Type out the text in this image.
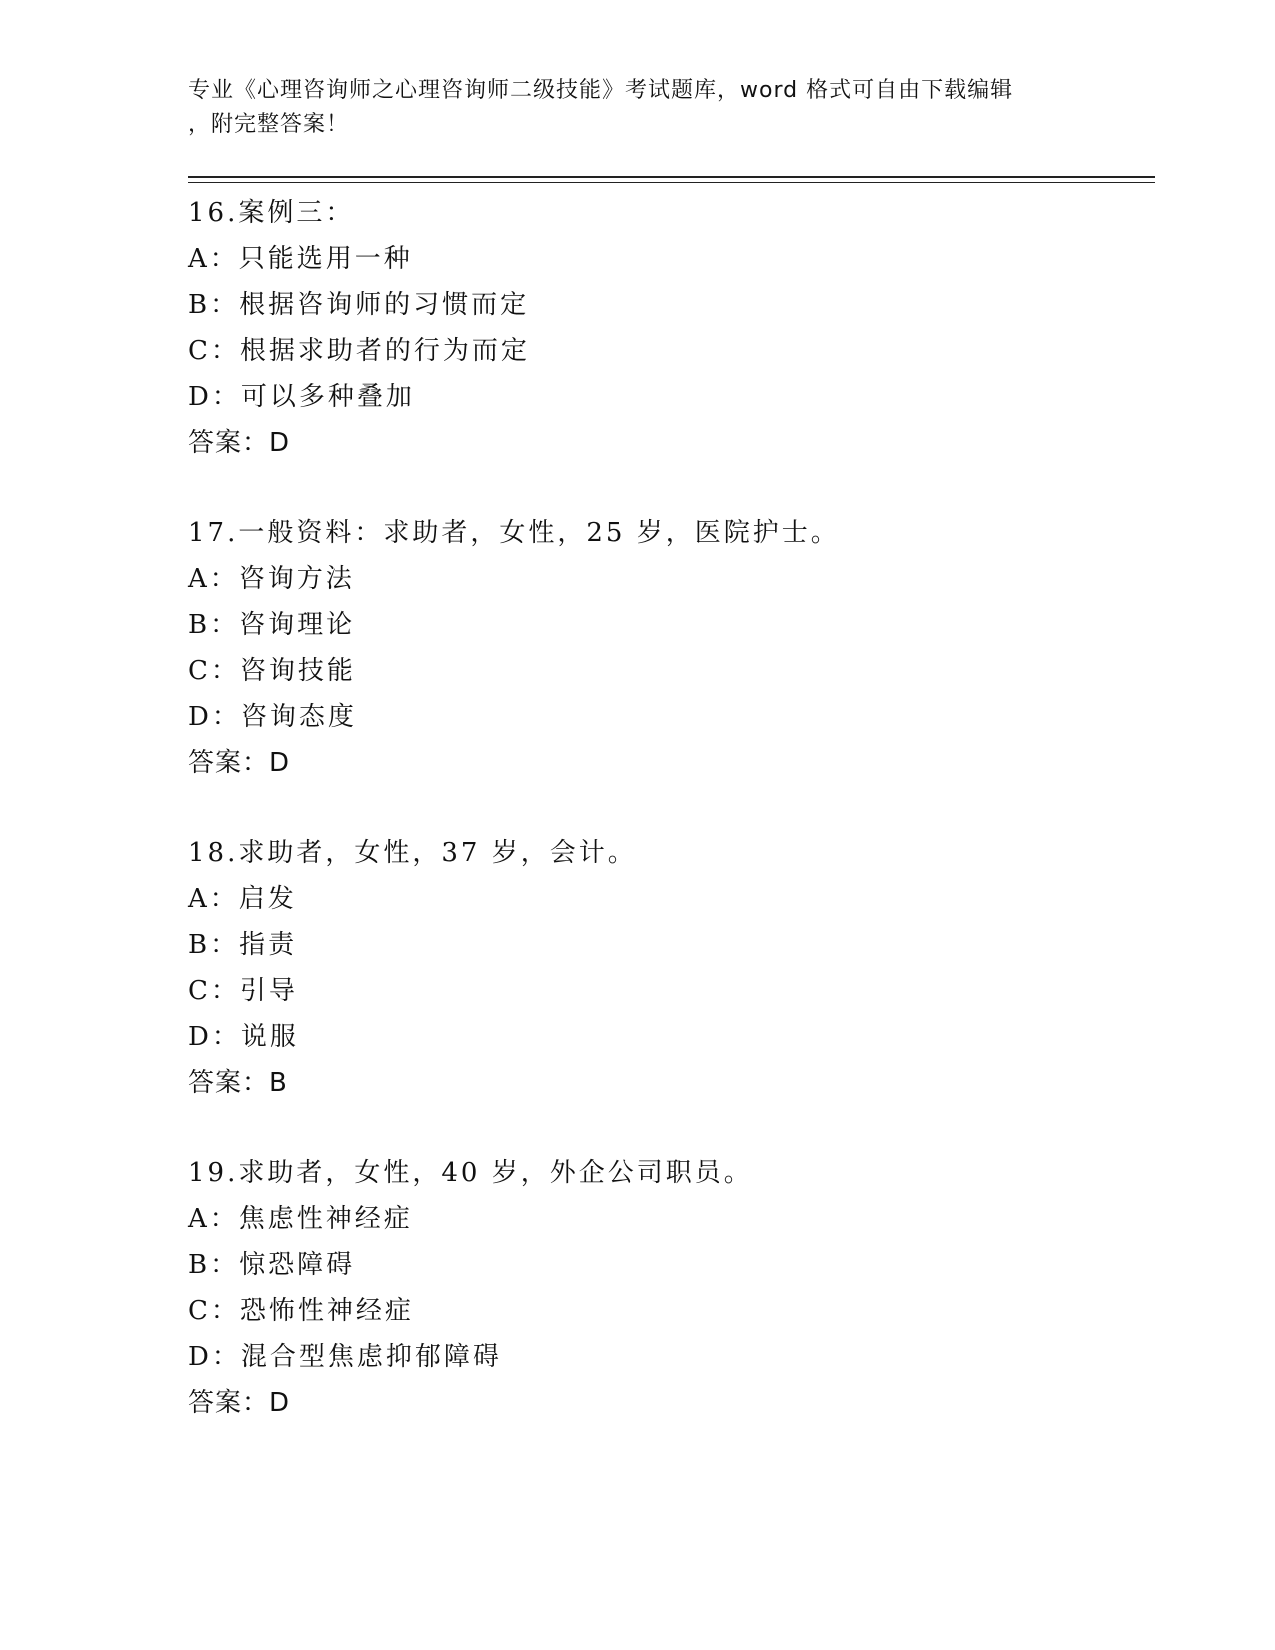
专业《心理咨询师之心理咨询师二级技能》考试题库，word 格式可自由下载编辑
，附完整答案！
16.案例三：
A：只能选用一种
B：根据咨询师的习惯而定
C：根据求助者的行为而定
D：可以多种叠加
答案：D
17.一般资料：求助者，女性，25 岁，医院护士。
A：咨询方法
B：咨询理论
C：咨询技能
D：咨询态度
答案：D
18.求助者，女性，37 岁，会计。
A：启发
B：指责
C：引导
D：说服
答案：B
19.求助者，女性，40 岁，外企公司职员。
A：焦虑性神经症
B：惊恐障碍
C：恐怖性神经症
D：混合型焦虑抑郁障碍
答案：D
